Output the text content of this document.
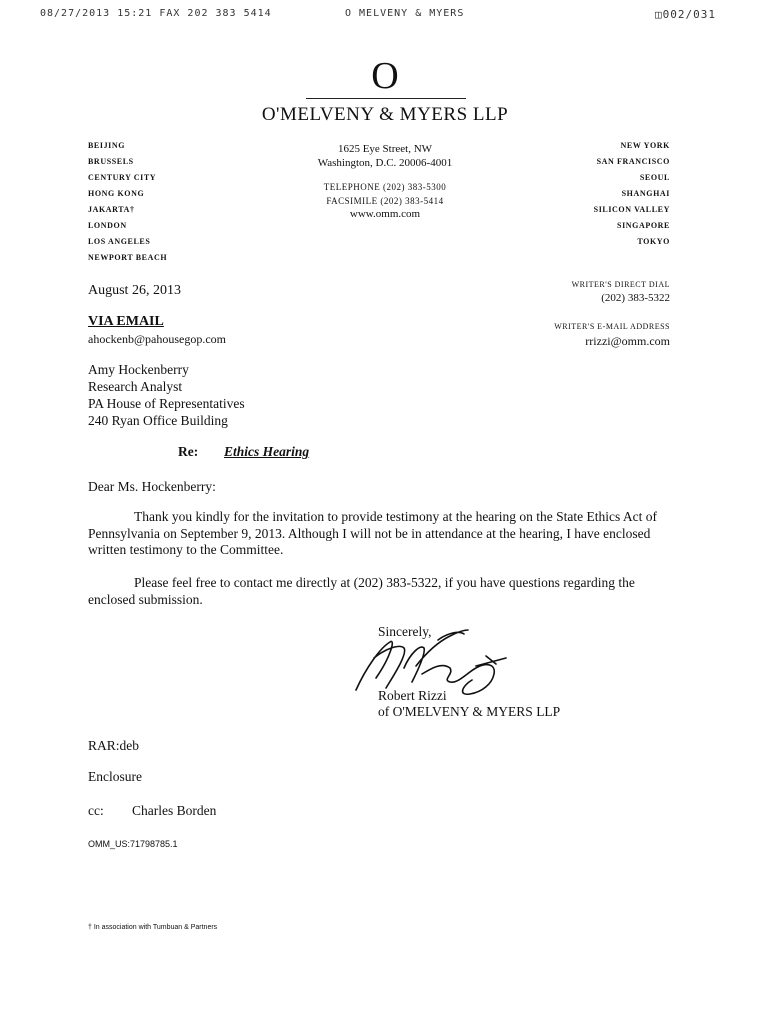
08/27/2013 15:21 FAX 202 383 5414	O MELVENY & MYERS	◫002/031
O
O'MELVENY & MYERS LLP
BEIJING
BRUSSELS
CENTURY CITY
HONG KONG
JAKARTA†
LONDON
LOS ANGELES
NEWPORT BEACH
NEW YORK
SAN FRANCISCO
SEOUL
SHANGHAI
SILICON VALLEY
SINGAPORE
TOKYO
1625 Eye Street, NW
Washington, D.C. 20006-4001
TELEPHONE (202) 383-5300
FACSIMILE (202) 383-5414
www.omm.com
August 26, 2013	WRITER'S DIRECT DIAL
(202) 383-5322
VIA EMAIL
ahockenb@pahousegop.com
WRITER'S E-MAIL ADDRESS
rrizzi@omm.com
Amy Hockenberry
Research Analyst
PA House of Representatives
240 Ryan Office Building
Re: Ethics Hearing
Dear Ms. Hockenberry:
Thank you kindly for the invitation to provide testimony at the hearing on the State Ethics Act of Pennsylvania on September 9, 2013. Although I will not be in attendance at the hearing, I have enclosed written testimony to the Committee.
Please feel free to contact me directly at (202) 383-5322, if you have questions regarding the enclosed submission.
Sincerely,
Robert Rizzi
of O'MELVENY & MYERS LLP
RAR:deb
Enclosure
cc: Charles Borden
OMM_US:71798785.1
† In association with Tumbuan & Partners
